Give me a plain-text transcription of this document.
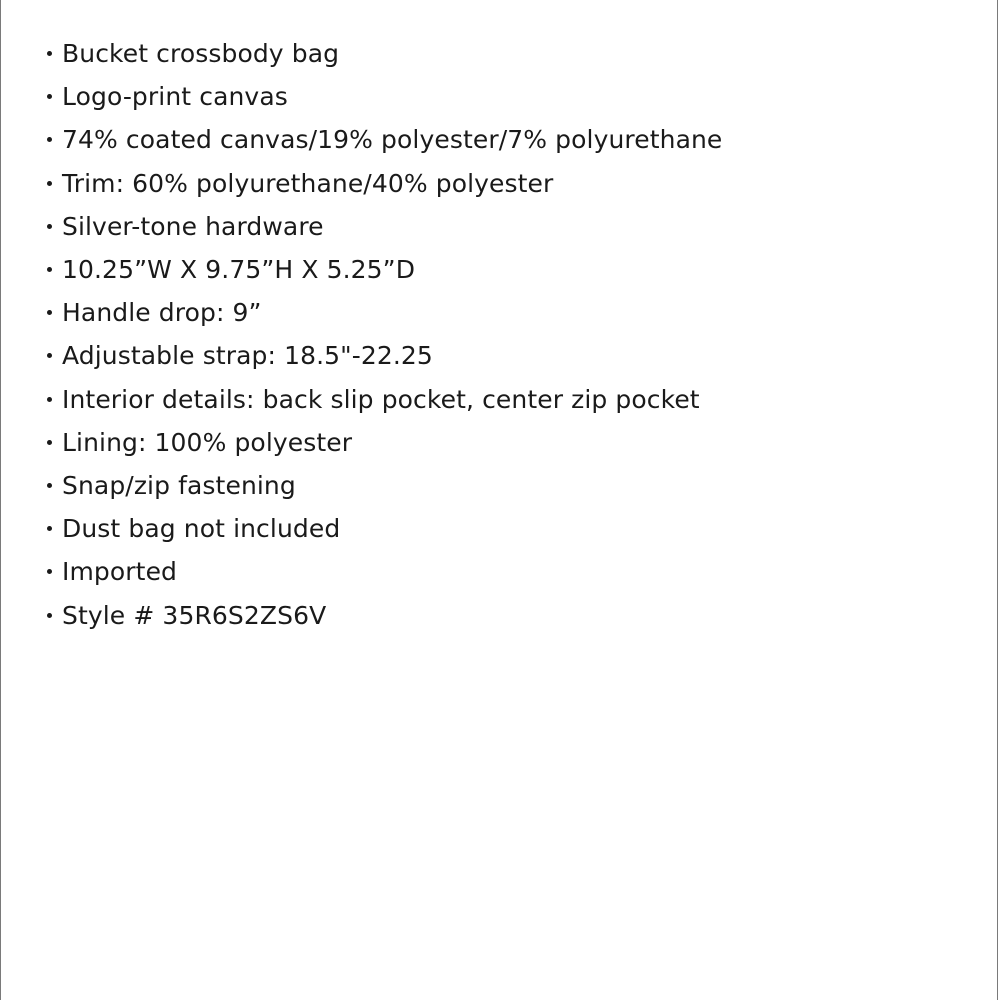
Bucket crossbody bag
Logo-print canvas
74% coated canvas/19% polyester/7% polyurethane
Trim: 60% polyurethane/40% polyester
Silver-tone hardware
10.25”W X 9.75”H X 5.25”D
Handle drop: 9”
Adjustable strap: 18.5"-22.25
Interior details: back slip pocket, center zip pocket
Lining: 100% polyester
Snap/zip fastening
Dust bag not included
Imported
Style # 35R6S2ZS6V
